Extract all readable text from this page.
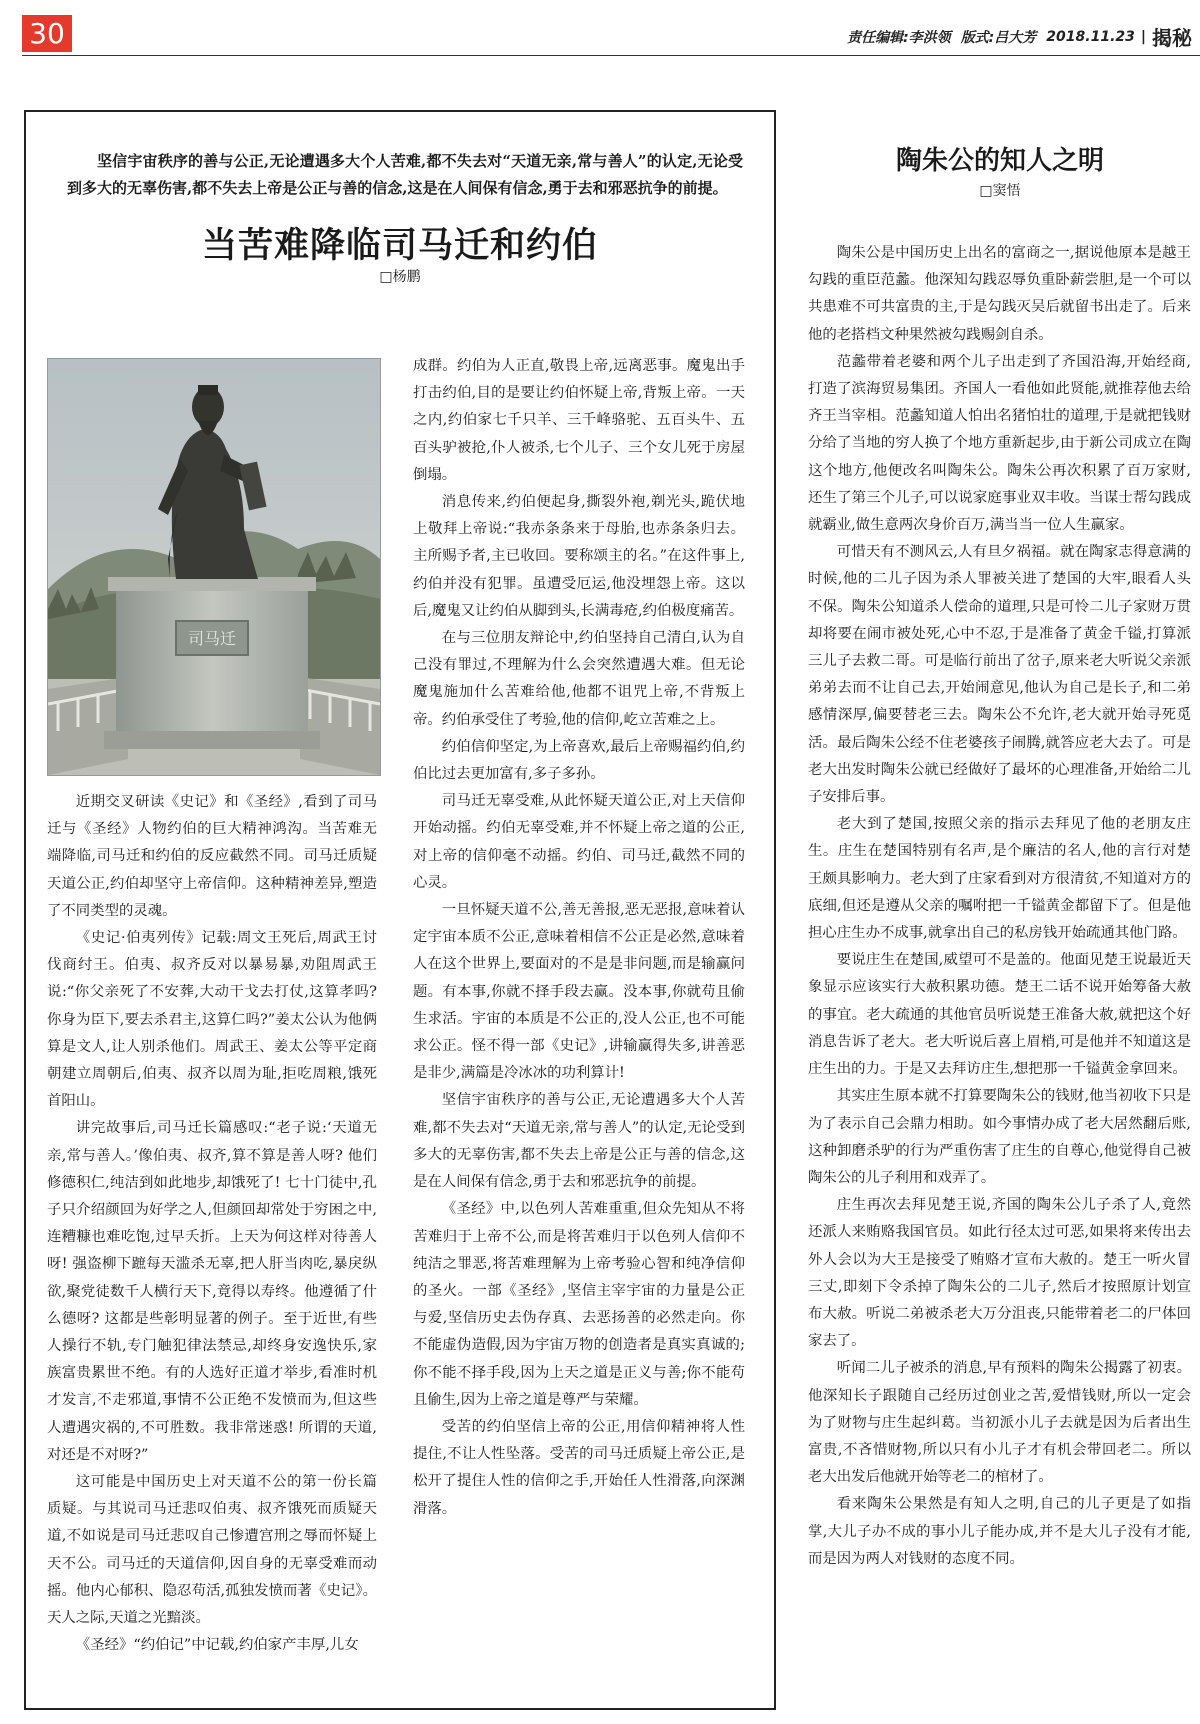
30	责任编辑:李洪领 版式:吕大芳 2018.11.23 | 揭秘

坚信宇宙秩序的善与公正,无论遭遇多大个人苦难,都不失去对“天道无亲,常与善人”的认定,无论受到多大的无辜伤害,都不失去上帝是公正与善的信念,这是在人间保有信念,勇于去和邪恶抗争的前提。

当苦难降临司马迁和约伯
□杨鹏
司马迁

近期交叉研读《史记》和《圣经》,看到了司马迁与《圣经》人物约伯的巨大精神鸿沟。当苦难无端降临,司马迁和约伯的反应截然不同。司马迁质疑天道公正,约伯却坚守上帝信仰。这种精神差异,塑造了不同类型的灵魂。

《史记·伯夷列传》记载:周文王死后,周武王讨伐商纣王。伯夷、叔齐反对以暴易暴,劝阻周武王说:“你父亲死了不安葬,大动干戈去打仗,这算孝吗? 你身为臣下,要去杀君主,这算仁吗?”姜太公认为他俩算是文人,让人别杀他们。周武王、姜太公等平定商朝建立周朝后,伯夷、叔齐以周为耻,拒吃周粮,饿死首阳山。

讲完故事后,司马迁长篇感叹:“老子说:‘天道无亲,常与善人。’像伯夷、叔齐,算不算是善人呀? 他们修德积仁,纯洁到如此地步,却饿死了! 七十门徒中,孔子只介绍颜回为好学之人,但颜回却常处于穷困之中,连糟糠也难吃饱,过早夭折。上天为何这样对待善人呀! 强盗柳下蹠每天滥杀无辜,把人肝当肉吃,暴戾纵欲,聚党徒数千人横行天下,竟得以寿终。他遵循了什么德呀? 这都是些彰明显著的例子。至于近世,有些人操行不轨,专门触犯律法禁忌,却终身安逸快乐,家族富贵累世不绝。有的人选好正道才举步,看准时机才发言,不走邪道,事情不公正绝不发愤而为,但这些人遭遇灾祸的,不可胜数。我非常迷惑! 所谓的天道,对还是不对呀?”

这可能是中国历史上对天道不公的第一份长篇质疑。与其说司马迁悲叹伯夷、叔齐饿死而质疑天道,不如说是司马迁悲叹自己惨遭宫刑之辱而怀疑上天不公。司马迁的天道信仰,因自身的无辜受难而动摇。他内心郁积、隐忍苟活,孤独发愤而著《史记》。天人之际,天道之光黯淡。

《圣经》“约伯记”中记载,约伯家产丰厚,儿女

成群。约伯为人正直,敬畏上帝,远离恶事。魔鬼出手打击约伯,目的是要让约伯怀疑上帝,背叛上帝。一天之内,约伯家七千只羊、三千峰骆驼、五百头牛、五百头驴被抢,仆人被杀,七个儿子、三个女儿死于房屋倒塌。

消息传来,约伯便起身,撕裂外袍,剃光头,跪伏地上敬拜上帝说:“我赤条条来于母胎,也赤条条归去。主所赐予者,主已收回。要称颂主的名。”在这件事上,约伯并没有犯罪。虽遭受厄运,他没埋怨上帝。这以后,魔鬼又让约伯从脚到头,长满毒疮,约伯极度痛苦。

在与三位朋友辩论中,约伯坚持自己清白,认为自己没有罪过,不理解为什么会突然遭遇大难。但无论魔鬼施加什么苦难给他,他都不诅咒上帝,不背叛上帝。约伯承受住了考验,他的信仰,屹立苦难之上。

约伯信仰坚定,为上帝喜欢,最后上帝赐福约伯,约伯比过去更加富有,多子多孙。

司马迁无辜受难,从此怀疑天道公正,对上天信仰开始动摇。约伯无辜受难,并不怀疑上帝之道的公正,对上帝的信仰毫不动摇。约伯、司马迁,截然不同的心灵。

一旦怀疑天道不公,善无善报,恶无恶报,意味着认定宇宙本质不公正,意味着相信不公正是必然,意味着人在这个世界上,要面对的不是是非问题,而是输赢问题。有本事,你就不择手段去赢。没本事,你就苟且偷生求活。宇宙的本质是不公正的,没人公正,也不可能求公正。怪不得一部《史记》,讲输赢得失多,讲善恶是非少,满篇是冷冰冰的功利算计!

坚信宇宙秩序的善与公正,无论遭遇多大个人苦难,都不失去对“天道无亲,常与善人”的认定,无论受到多大的无辜伤害,都不失去上帝是公正与善的信念,这是在人间保有信念,勇于去和邪恶抗争的前提。

《圣经》中,以色列人苦难重重,但众先知从不将苦难归于上帝不公,而是将苦难归于以色列人信仰不纯洁之罪恶,将苦难理解为上帝考验心智和纯净信仰的圣火。一部《圣经》,坚信主宰宇宙的力量是公正与爱,坚信历史去伪存真、去恶扬善的必然走向。你不能虚伪造假,因为宇宙万物的创造者是真实真诚的;你不能不择手段,因为上天之道是正义与善;你不能苟且偷生,因为上帝之道是尊严与荣耀。

受苦的约伯坚信上帝的公正,用信仰精神将人性提住,不让人性坠落。受苦的司马迁质疑上帝公正,是松开了提住人性的信仰之手,开始任人性滑落,向深渊滑落。

陶朱公的知人之明
□窦悟

陶朱公是中国历史上出名的富商之一,据说他原本是越王勾践的重臣范蠡。他深知勾践忍辱负重卧薪尝胆,是一个可以共患难不可共富贵的主,于是勾践灭吴后就留书出走了。后来他的老搭档文种果然被勾践赐剑自杀。

范蠡带着老婆和两个儿子出走到了齐国沿海,开始经商,打造了滨海贸易集团。齐国人一看他如此贤能,就推荐他去给齐王当宰相。范蠡知道人怕出名猪怕壮的道理,于是就把钱财分给了当地的穷人换了个地方重新起步,由于新公司成立在陶这个地方,他便改名叫陶朱公。陶朱公再次积累了百万家财,还生了第三个儿子,可以说家庭事业双丰收。当谋士帮勾践成就霸业,做生意两次身价百万,满当当一位人生赢家。

可惜天有不测风云,人有旦夕祸福。就在陶家志得意满的时候,他的二儿子因为杀人罪被关进了楚国的大牢,眼看人头不保。陶朱公知道杀人偿命的道理,只是可怜二儿子家财万贯却将要在闹市被处死,心中不忍,于是准备了黄金千镒,打算派三儿子去救二哥。可是临行前出了岔子,原来老大听说父亲派弟弟去而不让自己去,开始闹意见,他认为自己是长子,和二弟感情深厚,偏要替老三去。陶朱公不允许,老大就开始寻死觅活。最后陶朱公经不住老婆孩子闹腾,就答应老大去了。可是老大出发时陶朱公就已经做好了最坏的心理准备,开始给二儿子安排后事。

老大到了楚国,按照父亲的指示去拜见了他的老朋友庄生。庄生在楚国特别有名声,是个廉洁的名人,他的言行对楚王颇具影响力。老大到了庄家看到对方很清贫,不知道对方的底细,但还是遵从父亲的嘱咐把一千镒黄金都留下了。但是他担心庄生办不成事,就拿出自己的私房钱开始疏通其他门路。

要说庄生在楚国,威望可不是盖的。他面见楚王说最近天象显示应该实行大赦积累功德。楚王二话不说开始筹备大赦的事宜。老大疏通的其他官员听说楚王准备大赦,就把这个好消息告诉了老大。老大听说后喜上眉梢,可是他并不知道这是庄生出的力。于是又去拜访庄生,想把那一千镒黄金拿回来。

其实庄生原本就不打算要陶朱公的钱财,他当初收下只是为了表示自己会鼎力相助。如今事情办成了老大居然翻后账,这种卸磨杀驴的行为严重伤害了庄生的自尊心,他觉得自己被陶朱公的儿子利用和戏弄了。

庄生再次去拜见楚王说,齐国的陶朱公儿子杀了人,竟然还派人来贿赂我国官员。如此行径太过可恶,如果将来传出去外人会以为大王是接受了贿赂才宣布大赦的。楚王一听火冒三丈,即刻下令杀掉了陶朱公的二儿子,然后才按照原计划宣布大赦。听说二弟被杀老大万分沮丧,只能带着老二的尸体回家去了。

听闻二儿子被杀的消息,早有预料的陶朱公揭露了初衷。他深知长子跟随自己经历过创业之苦,爱惜钱财,所以一定会为了财物与庄生起纠葛。当初派小儿子去就是因为后者出生富贵,不吝惜财物,所以只有小儿子才有机会带回老二。所以老大出发后他就开始等老二的棺材了。

看来陶朱公果然是有知人之明,自己的儿子更是了如指掌,大儿子办不成的事小儿子能办成,并不是大儿子没有才能,而是因为两人对钱财的态度不同。
